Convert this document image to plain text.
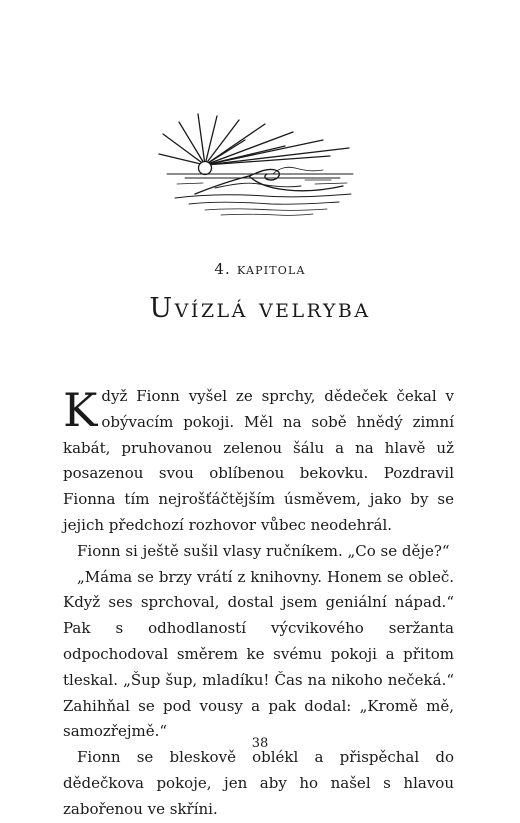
4. kapitola
Uvízlá velryba

Když Fionn vyšel ze sprchy, dědeček čekal v obývacím pokoji. Měl na sobě hnědý zimní kabát, pruhovanou zelenou šálu a na hlavě už posazenou svou oblíbenou bekovku. Pozdravil Fionna tím nejrošťáčtějším úsměvem, jako by se jejich předchozí rozhovor vůbec neodehrál.

Fionn si ještě sušil vlasy ručníkem. „Co se děje?“

„Máma se brzy vrátí z knihovny. Honem se obleč. Když ses sprchoval, dostal jsem geniální nápad.“ Pak s odhodlaností výcvikového seržanta odpochodoval směrem ke svému pokoji a přitom tleskal. „Šup šup, mladíku! Čas na nikoho nečeká.“ Zahihňal se pod vousy a pak dodal: „Kromě mě, samozřejmě.“

Fionn se bleskově oblékl a přispěchal do dědečkova pokoje, jen aby ho našel s hlavou zabořenou ve skříni.

38
